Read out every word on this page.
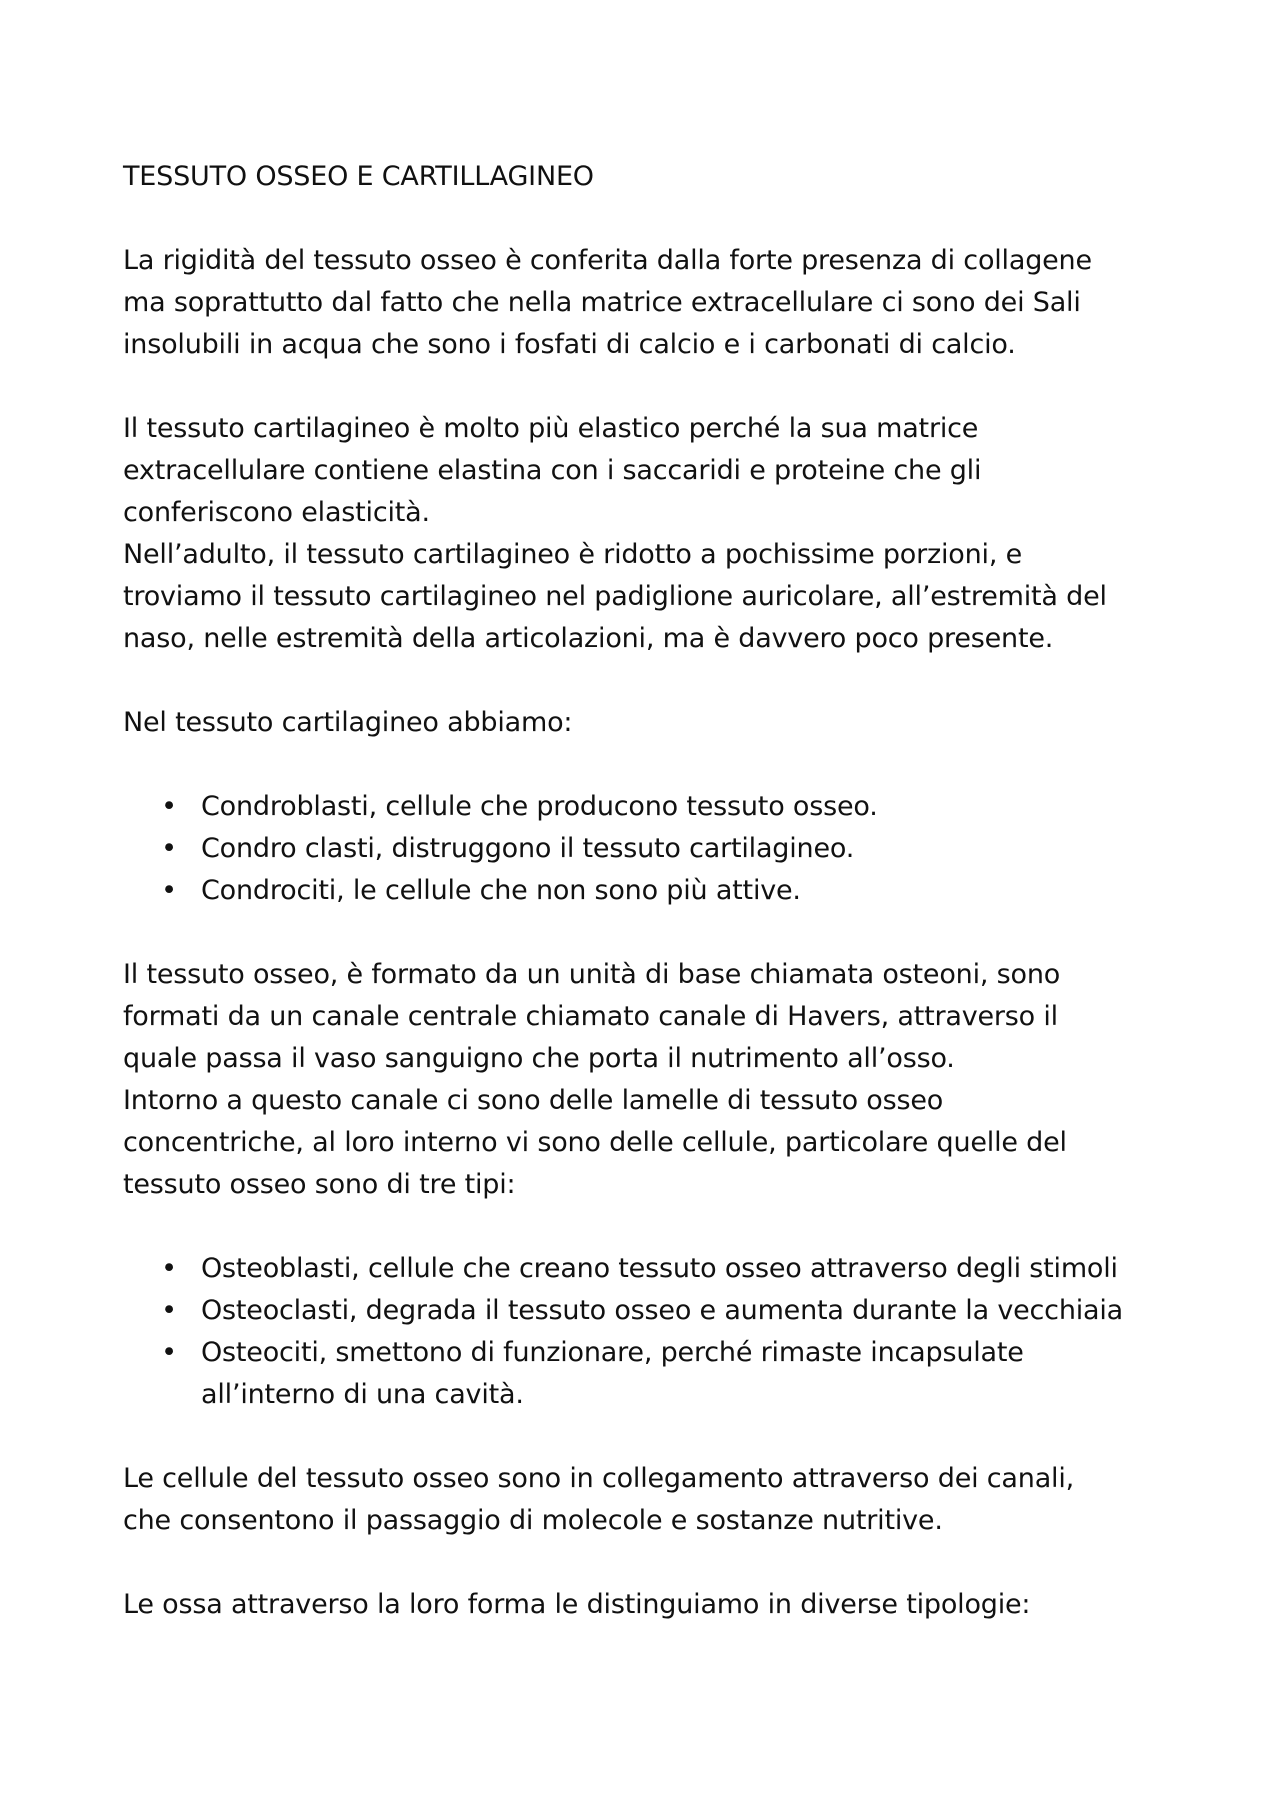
TESSUTO OSSEO E CARTILLAGINEO
La rigidità del tessuto osseo è conferita dalla forte presenza di collagene
ma soprattutto dal fatto che nella matrice extracellulare ci sono dei Sali
insolubili in acqua che sono i fosfati di calcio e i carbonati di calcio.
Il tessuto cartilagineo è molto più elastico perché la sua matrice
extracellulare contiene elastina con i saccaridi e proteine che gli
conferiscono elasticità.
Nell’adulto, il tessuto cartilagineo è ridotto a pochissime porzioni, e
troviamo il tessuto cartilagineo nel padiglione auricolare, all’estremità del
naso, nelle estremità della articolazioni, ma è davvero poco presente.
Nel tessuto cartilagineo abbiamo:
• Condroblasti, cellule che producono tessuto osseo.
• Condro clasti, distruggono il tessuto cartilagineo.
• Condrociti, le cellule che non sono più attive.
Il tessuto osseo, è formato da un unità di base chiamata osteoni, sono
formati da un canale centrale chiamato canale di Havers, attraverso il
quale passa il vaso sanguigno che porta il nutrimento all’osso.
Intorno a questo canale ci sono delle lamelle di tessuto osseo
concentriche, al loro interno vi sono delle cellule, particolare quelle del
tessuto osseo sono di tre tipi:
• Osteoblasti, cellule che creano tessuto osseo attraverso degli stimoli
• Osteoclasti, degrada il tessuto osseo e aumenta durante la vecchiaia
• Osteociti, smettono di funzionare, perché rimaste incapsulate
all’interno di una cavità.
Le cellule del tessuto osseo sono in collegamento attraverso dei canali,
che consentono il passaggio di molecole e sostanze nutritive.
Le ossa attraverso la loro forma le distinguiamo in diverse tipologie:
